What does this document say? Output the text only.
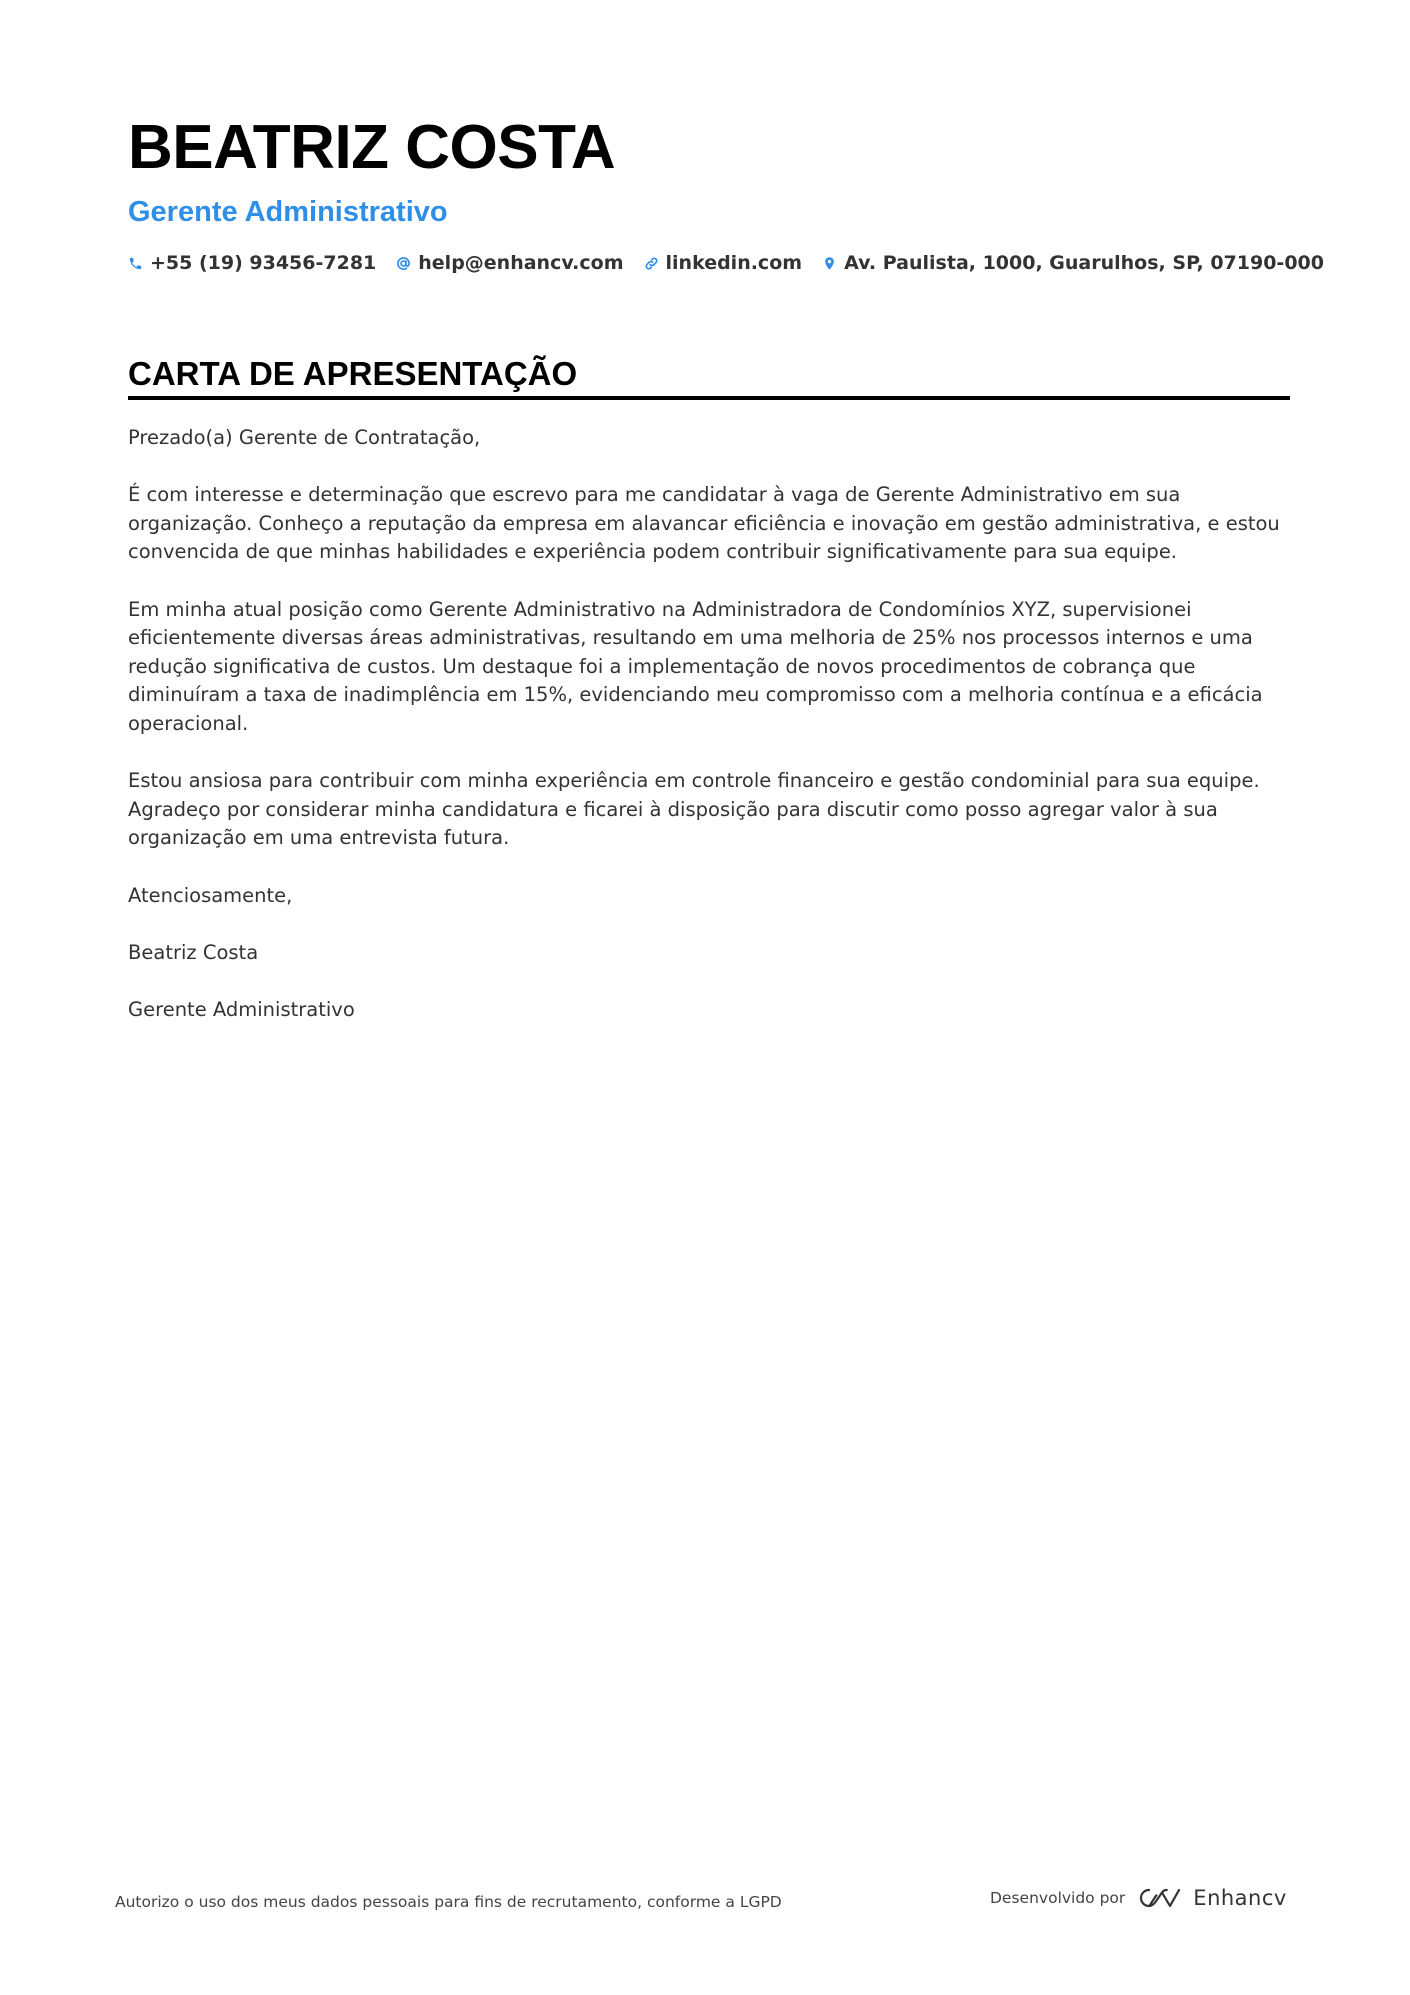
BEATRIZ COSTA
Gerente Administrativo
+55 (19) 93456-7281 help@enhancv.com linkedin.com Av. Paulista, 1000, Guarulhos, SP, 07190-000
CARTA DE APRESENTAÇÃO

Prezado(a) Gerente de Contratação,

É com interesse e determinação que escrevo para me candidatar à vaga de Gerente Administrativo em sua organização. Conheço a reputação da empresa em alavancar eficiência e inovação em gestão administrativa, e estou convencida de que minhas habilidades e experiência podem contribuir significativamente para sua equipe.

Em minha atual posição como Gerente Administrativo na Administradora de Condomínios XYZ, supervisionei eficientemente diversas áreas administrativas, resultando em uma melhoria de 25% nos processos internos e uma redução significativa de custos. Um destaque foi a implementação de novos procedimentos de cobrança que diminuíram a taxa de inadimplência em 15%, evidenciando meu compromisso com a melhoria contínua e a eficácia operacional.

Estou ansiosa para contribuir com minha experiência em controle financeiro e gestão condominial para sua equipe. Agradeço por considerar minha candidatura e ficarei à disposição para discutir como posso agregar valor à sua organização em uma entrevista futura.

Atenciosamente,

Beatriz Costa

Gerente Administrativo

Autorizo o uso dos meus dados pessoais para fins de recrutamento, conforme a LGPD	Desenvolvido por	Enhancv
